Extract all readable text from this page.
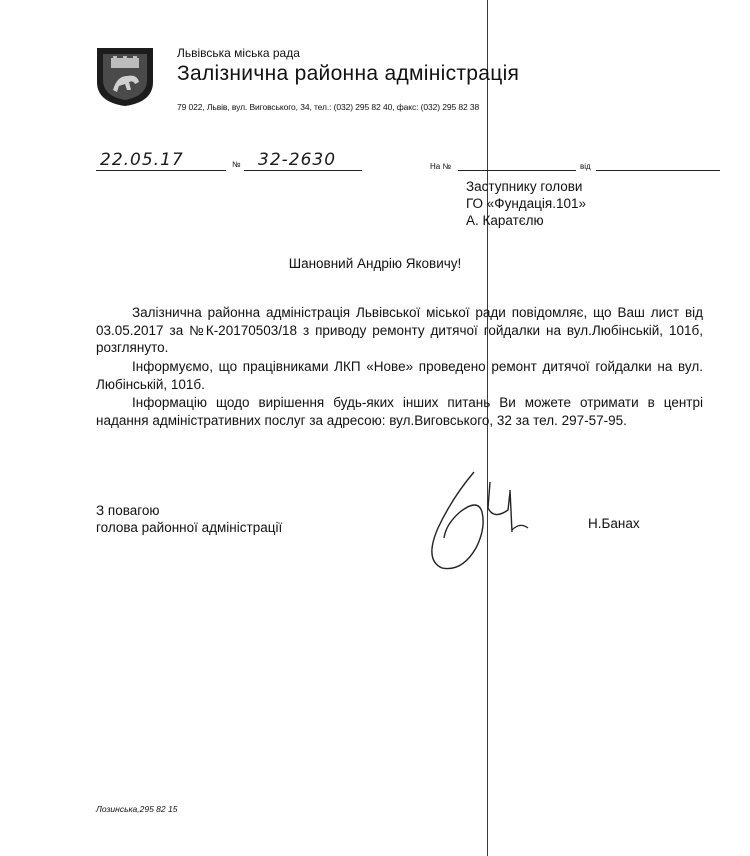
Львівська міська рада
Залізнична районна адміністрація
79 022, Львів, вул. Виговського, 34, тел.: (032) 295 82 40, факс: (032) 295 82 38
22.05.17	№ 32-2630	На №	від
Заступнику голови
ГО «Фундація.101»
А. Каратєлю
Шановний Андрію Яковичу!
Залізнична районна адміністрація Львівської міської ради повідомляє, що Ваш лист від 03.05.2017 за №К-20170503/18 з приводу ремонту дитячої гойдалки на вул.Любінській, 101б, розглянуто.
Інформуємо, що працівниками ЛКП «Нове» проведено ремонт дитячої гойдалки на вул. Любінській, 101б.
Інформацію щодо вирішення будь-яких інших питань Ви можете отримати в центрі надання адміністративних послуг за адресою: вул.Виговського, 32 за тел. 297-57-95.
З повагою
голова районної адміністрації	Н.Банах
Лозинська,295 82 15
